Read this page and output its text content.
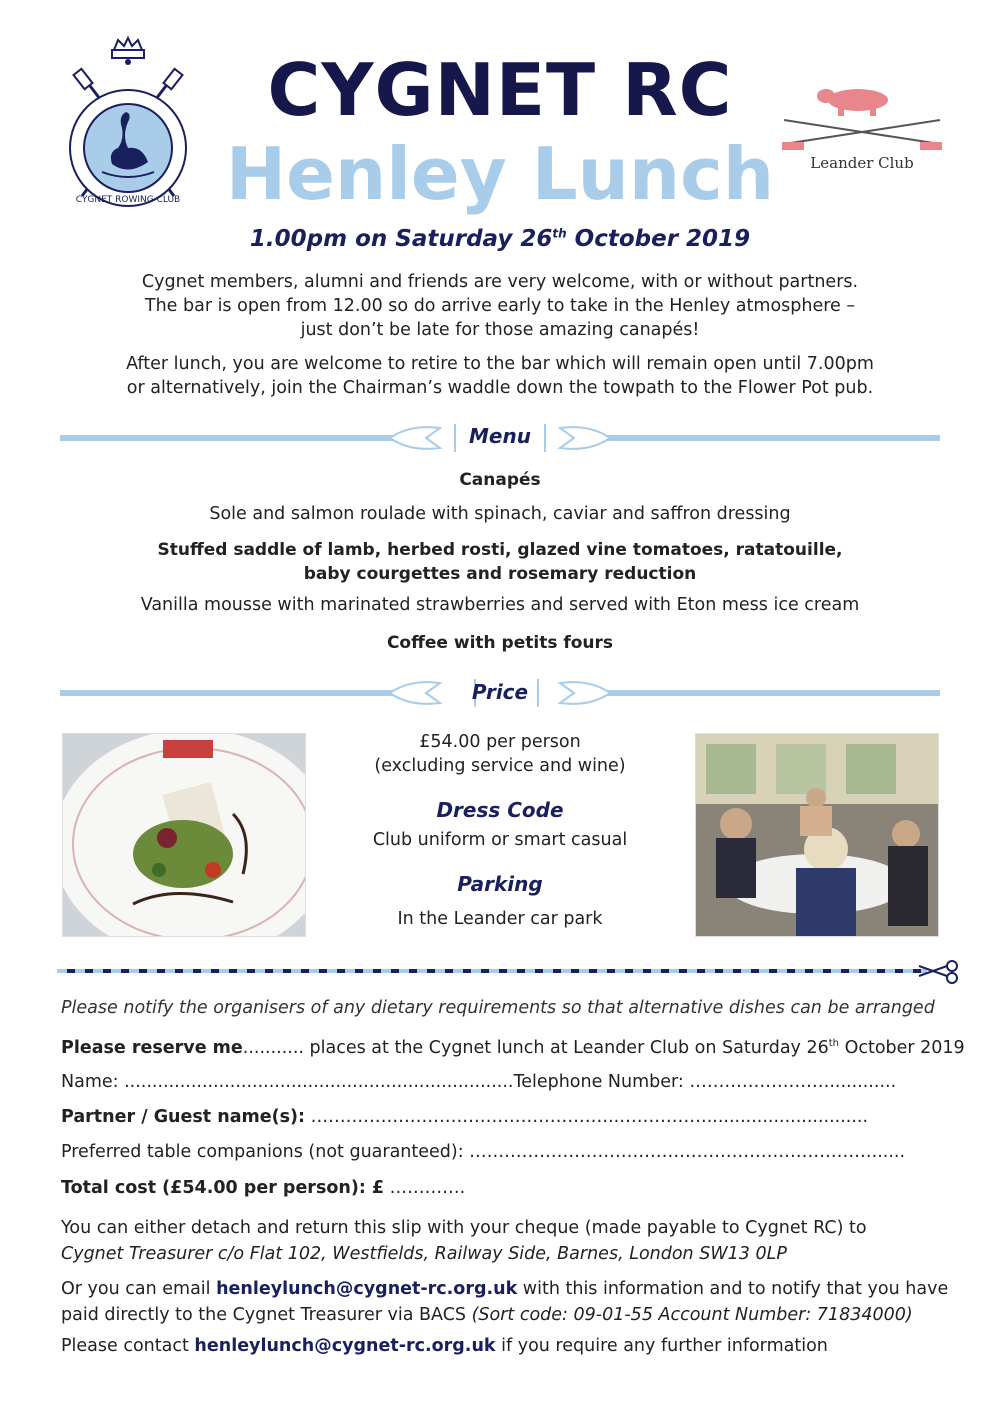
CYGNET ROWING CLUB
Leander Club
CYGNET RC
Henley Lunch
1.00pm on Saturday 26th October 2019
Cygnet members, alumni and friends are very welcome, with or without partners.
The bar is open from 12.00 so do arrive early to take in the Henley atmosphere –
just don’t be late for those amazing canapés!
After lunch, you are welcome to retire to the bar which will remain open until 7.00pm
or alternatively, join the Chairman’s waddle down the towpath to the Flower Pot pub.
Menu
Canapés
Sole and salmon roulade with spinach, caviar and saffron dressing
Stuffed saddle of lamb, herbed rosti, glazed vine tomatoes, ratatouille,
baby courgettes and rosemary reduction
Vanilla mousse with marinated strawberries and served with Eton mess ice cream
Coffee with petits fours
Price
£54.00 per person
(excluding service and wine)
Dress Code
Club uniform or smart casual
Parking
In the Leander car park
Please notify the organisers of any dietary requirements so that alternative dishes can be arranged
Please reserve me........... places at the Cygnet lunch at Leander Club on Saturday 26th October 2019
Name: ......................................................................Telephone Number: ……………………............
Partner / Guest name(s): ……………………………………………..…………….............................
Preferred table companions (not guaranteed): ……………………………………………………………......
Total cost (£54.00 per person): £ ………….
You can either detach and return this slip with your cheque (made payable to Cygnet RC) to
Cygnet Treasurer c/o Flat 102, Westfields, Railway Side, Barnes, London SW13 0LP
Or you can email henleylunch@cygnet-rc.org.uk with this information and to notify that you have
paid directly to the Cygnet Treasurer via BACS (Sort code: 09-01-55 Account Number: 71834000)
Please contact henleylunch@cygnet-rc.org.uk if you require any further information
